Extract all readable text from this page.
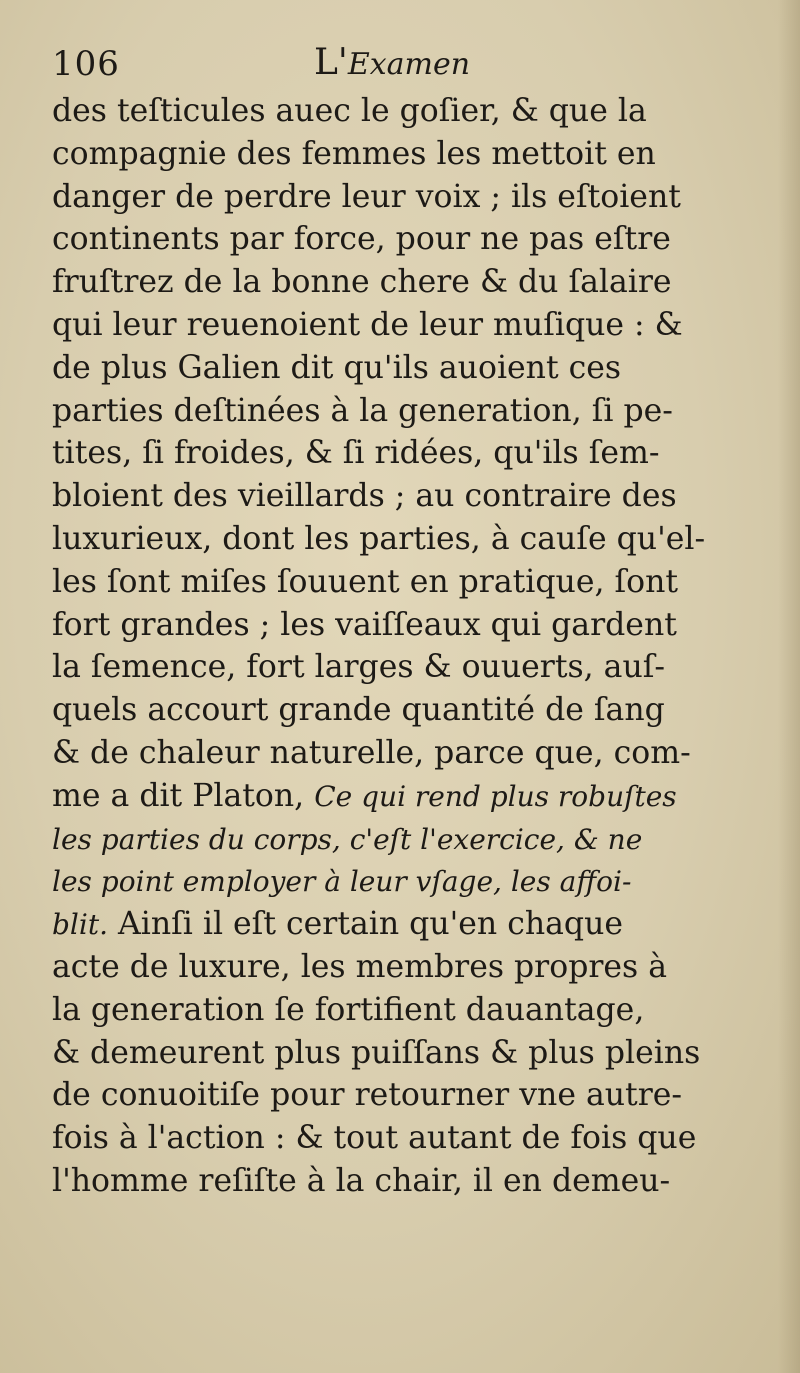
106	L'Examen
des teſticules auec le goſier, & que la
compagnie des femmes les mettoit en
danger de perdre leur voix ; ils eſtoient
continents par force, pour ne pas eſtre
fruſtrez de la bonne chere & du ſalaire
qui leur reuenoient de leur muſique : &
de plus Galien dit qu'ils auoient ces
parties deſtinées à la generation, ſi pe-
tites, ſi froides, & ſi ridées, qu'ils ſem-
bloient des vieillards ; au contraire des
luxurieux, dont les parties, à cauſe qu'el-
les ſont miſes ſouuent en pratique, ſont
fort grandes ; les vaiſſeaux qui gardent
la ſemence, fort larges & ouuerts, auſ-
quels accourt grande quantité de ſang
& de chaleur naturelle, parce que, com-
me a dit Platon, Ce qui rend plus robuſtes
les parties du corps, c'eſt l'exercice, & ne
les point employer à leur vſage, les affoi-
blit. Ainſi il eſt certain qu'en chaque
acte de luxure, les membres propres à
la generation ſe fortifient dauantage,
& demeurent plus puiſſans & plus pleins
de conuoitiſe pour retourner vne autre-
fois à l'action : & tout autant de fois que
l'homme reſiſte à la chair, il en demeu-
